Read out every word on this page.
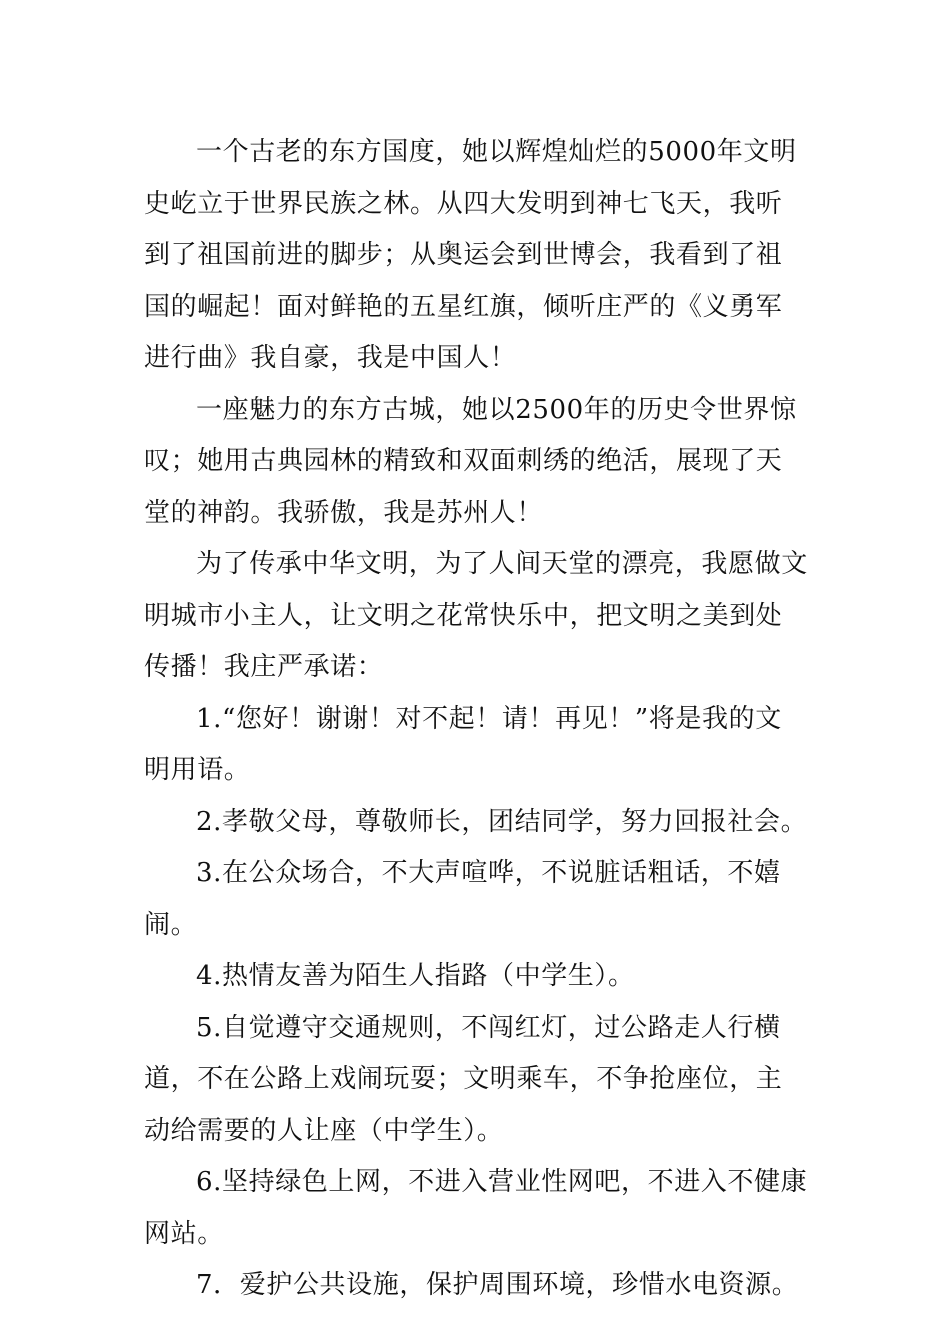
一个古老的东方国度，她以辉煌灿烂的5000年文明史屹立于世界民族之林。从四大发明到神七飞天，我听到了祖国前进的脚步；从奥运会到世博会，我看到了祖国的崛起！面对鲜艳的五星红旗，倾听庄严的《义勇军进行曲》我自豪，我是中国人！

一座魅力的东方古城，她以2500年的历史令世界惊叹；她用古典园林的精致和双面刺绣的绝活，展现了天堂的神韵。我骄傲，我是苏州人！

为了传承中华文明，为了人间天堂的漂亮，我愿做文明城市小主人，让文明之花常快乐中，把文明之美到处传播！我庄严承诺：

1.“您好！谢谢！对不起！请！再见！”将是我的文明用语。

2.孝敬父母，尊敬师长，团结同学，努力回报社会。

3.在公众场合，不大声喧哗，不说脏话粗话，不嬉闹。

4.热情友善为陌生人指路（中学生）。

5.自觉遵守交通规则，不闯红灯，过公路走人行横道，不在公路上戏闹玩耍；文明乘车，不争抢座位，主动给需要的人让座（中学生）。

6.坚持绿色上网，不进入营业性网吧，不进入不健康网站。

7．爱护公共设施，保护周围环境，珍惜水电资源。
